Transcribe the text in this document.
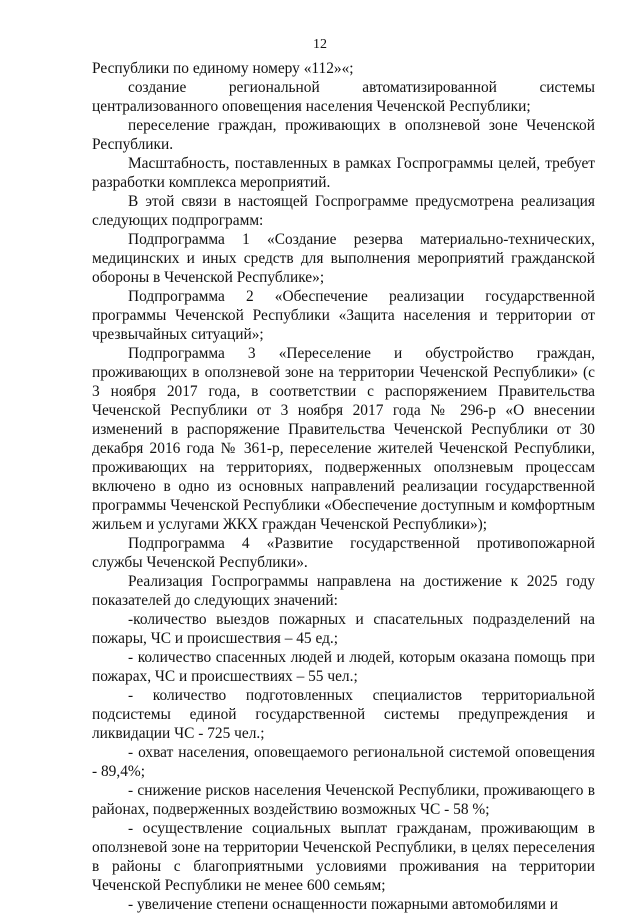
12

Республики по единому номеру «112»«;

создание региональной автоматизированной системы централизованного оповещения населения Чеченской Республики;

переселение граждан, проживающих в оползневой зоне Чеченской Республики.

Масштабность, поставленных в рамках Госпрограммы целей, требует разработки комплекса мероприятий.

В этой связи в настоящей Госпрограмме предусмотрена реализация следующих подпрограмм:

Подпрограмма 1 «Создание резерва материально-технических, медицинских и иных средств для выполнения мероприятий гражданской обороны в Чеченской Республике»;

Подпрограмма 2 «Обеспечение реализации государственной программы Чеченской Республики «Защита населения и территории от чрезвычайных ситуаций»;

Подпрограмма 3 «Переселение и обустройство граждан, проживающих в оползневой зоне на территории Чеченской Республики» (с 3 ноября 2017 года, в соответствии с распоряжением Правительства Чеченской Республики от 3 ноября 2017 года № 296-р «О внесении изменений в распоряжение Правительства Чеченской Республики от 30 декабря 2016 года № 361-р, переселение жителей Чеченской Республики, проживающих на территориях, подверженных оползневым процессам включено в одно из основных направлений реализации государственной программы Чеченской Республики «Обеспечение доступным и комфортным жильем и услугами ЖКХ граждан Чеченской Республики»);

Подпрограмма 4 «Развитие государственной противопожарной службы Чеченской Республики».

Реализация Госпрограммы направлена на достижение к 2025 году показателей до следующих значений:

-количество выездов пожарных и спасательных подразделений на пожары, ЧС и происшествия – 45 ед.;

- количество спасенных людей и людей, которым оказана помощь при пожарах, ЧС и происшествиях – 55 чел.;

- количество подготовленных специалистов территориальной подсистемы единой государственной системы предупреждения и ликвидации ЧС - 725 чел.;

- охват населения, оповещаемого региональной системой оповещения - 89,4%;

- снижение рисков населения Чеченской Республики, проживающего в районах, подверженных воздействию возможных ЧС - 58 %;

- осуществление социальных выплат гражданам, проживающим в оползневой зоне на территории Чеченской Республики, в целях переселения в районы с благоприятными условиями проживания на территории Чеченской Республики не менее 600 семьям;

- увеличение степени оснащенности пожарными автомобилями и
